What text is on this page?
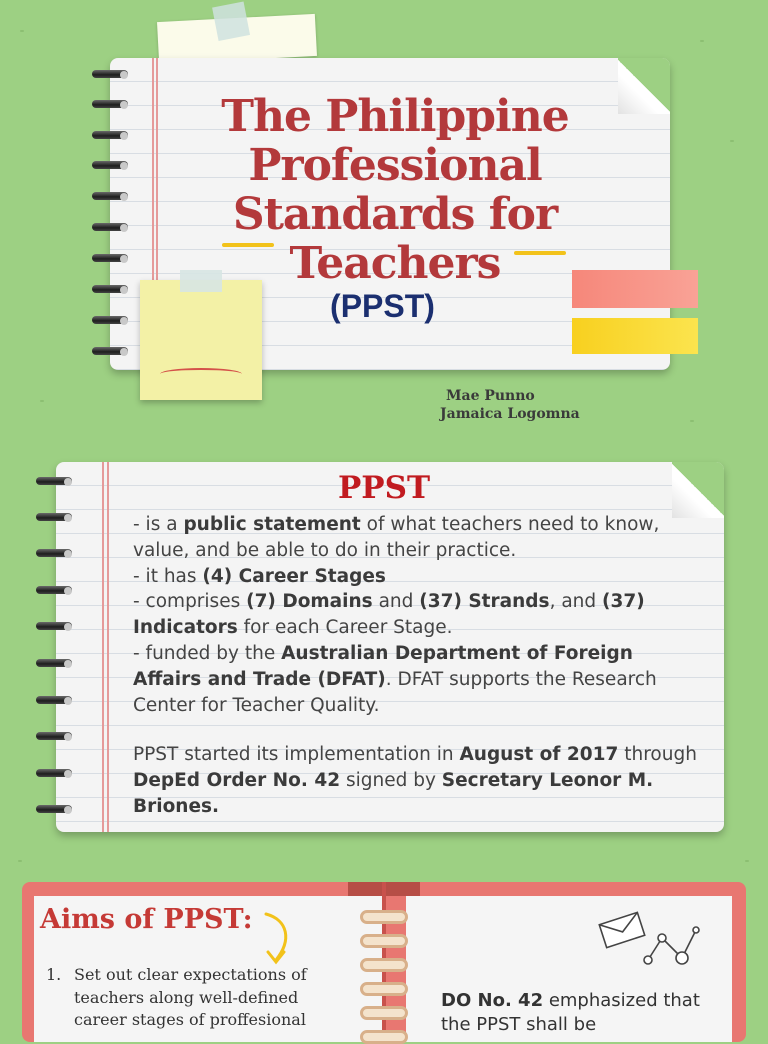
The Philippine Professional Standards for Teachers
(PPST)
Mae Punno
Jamaica Logomna
PPST

- is a public statement of what teachers need to know, value, and be able to do in their practice.

- it has (4) Career Stages

- comprises (7) Domains and (37) Strands, and (37) Indicators for each Career Stage.

- funded by the Australian Department of Foreign Affairs and Trade (DFAT). DFAT supports the Research Center for Teacher Quality.

PPST started its implementation in August of 2017 through DepEd Order No. 42 signed by Secretary Leonor M. Briones.

Aims of PPST:
1. Set out clear expectations of teachers along well-defined career stages of proffesional
DO No. 42 emphasized that the PPST shall be
